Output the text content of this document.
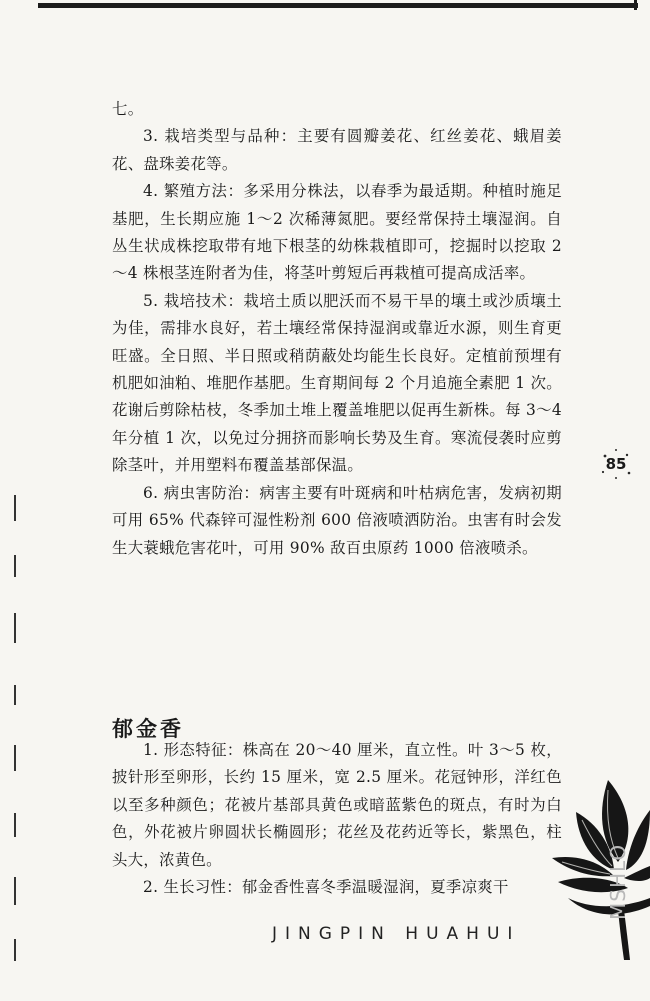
七。

3. 栽培类型与品种：主要有圆瓣姜花、红丝姜花、蛾眉姜花、盘珠姜花等。

4. 繁殖方法：多采用分株法，以春季为最适期。种植时施足基肥，生长期应施 1～2 次稀薄氮肥。要经常保持土壤湿润。自丛生状成株挖取带有地下根茎的幼株栽植即可，挖掘时以挖取 2～4 株根茎连附者为佳，将茎叶剪短后再栽植可提高成活率。

5. 栽培技术：栽培土质以肥沃而不易干旱的壤土或沙质壤土为佳，需排水良好，若土壤经常保持湿润或靠近水源，则生育更旺盛。全日照、半日照或稍荫蔽处均能生长良好。定植前预埋有机肥如油粕、堆肥作基肥。生育期间每 2 个月追施全素肥 1 次。花谢后剪除枯枝，冬季加土堆上覆盖堆肥以促再生新株。每 3～4 年分植 1 次，以免过分拥挤而影响长势及生育。寒流侵袭时应剪除茎叶，并用塑料布覆盖基部保温。

6. 病虫害防治：病害主要有叶斑病和叶枯病危害，发病初期可用 65% 代森锌可湿性粉剂 600 倍液喷洒防治。虫害有时会发生大蓑蛾危害花叶，可用 90% 敌百虫原药 1000 倍液喷杀。

郁金香

1. 形态特征：株高在 20～40 厘米，直立性。叶 3～5 枚，披针形至卵形，长约 15 厘米，宽 2.5 厘米。花冠钟形，洋红色以至多种颜色；花被片基部具黄色或暗蓝紫色的斑点，有时为白色，外花被片卵圆状长椭圆形；花丝及花药近等长，紫黑色，柱头大，浓黄色。

2. 生长习性：郁金香性喜冬季温暖湿润，夏季凉爽干

85
JINGPIN HUAHUI
MSHLO
